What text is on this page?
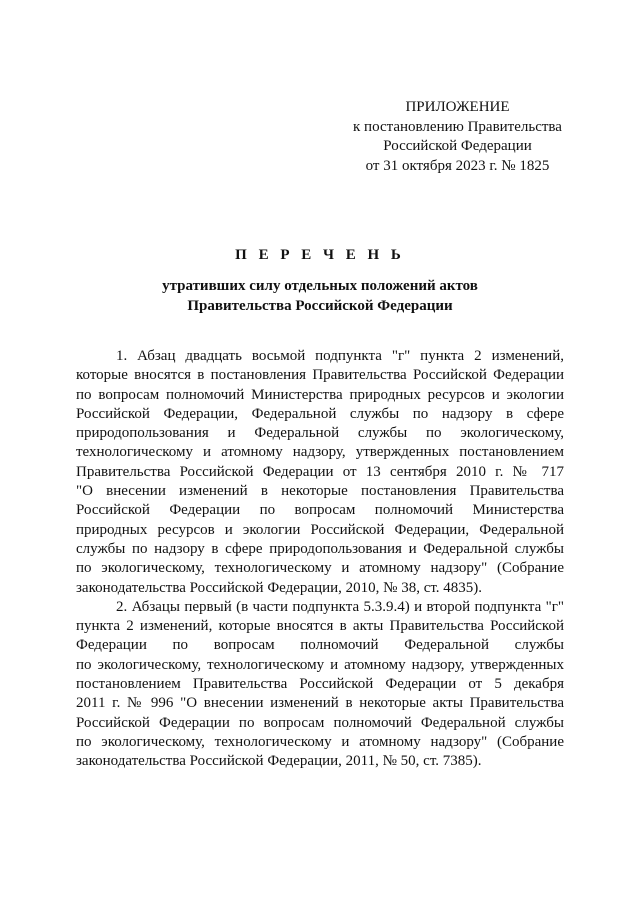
ПРИЛОЖЕНИЕ
к постановлению Правительства
Российской Федерации
от 31 октября 2023 г. № 1825
П Е Р Е Ч Е Н Ь
утративших силу отдельных положений актов
Правительства Российской Федерации
1. Абзац двадцать восьмой подпункта "г" пункта 2 изменений,
которые вносятся в постановления Правительства Российской Федерации
по вопросам полномочий Министерства природных ресурсов и экологии
Российской Федерации, Федеральной службы по надзору в сфере
природопользования и Федеральной службы по экологическому,
технологическому и атомному надзору, утвержденных постановлением
Правительства Российской Федерации от 13 сентября 2010 г. № 717
"О внесении изменений в некоторые постановления Правительства
Российской Федерации по вопросам полномочий Министерства
природных ресурсов и экологии Российской Федерации, Федеральной
службы по надзору в сфере природопользования и Федеральной службы
по экологическому, технологическому и атомному надзору" (Собрание
законодательства Российской Федерации, 2010, № 38, ст. 4835).
2. Абзацы первый (в части подпункта 5.3.9.4) и второй подпункта "г"
пункта 2 изменений, которые вносятся в акты Правительства Российской
Федерации по вопросам полномочий Федеральной службы
по экологическому, технологическому и атомному надзору, утвержденных
постановлением Правительства Российской Федерации от 5 декабря
2011 г. № 996 "О внесении изменений в некоторые акты Правительства
Российской Федерации по вопросам полномочий Федеральной службы
по экологическому, технологическому и атомному надзору" (Собрание
законодательства Российской Федерации, 2011, № 50, ст. 7385).
